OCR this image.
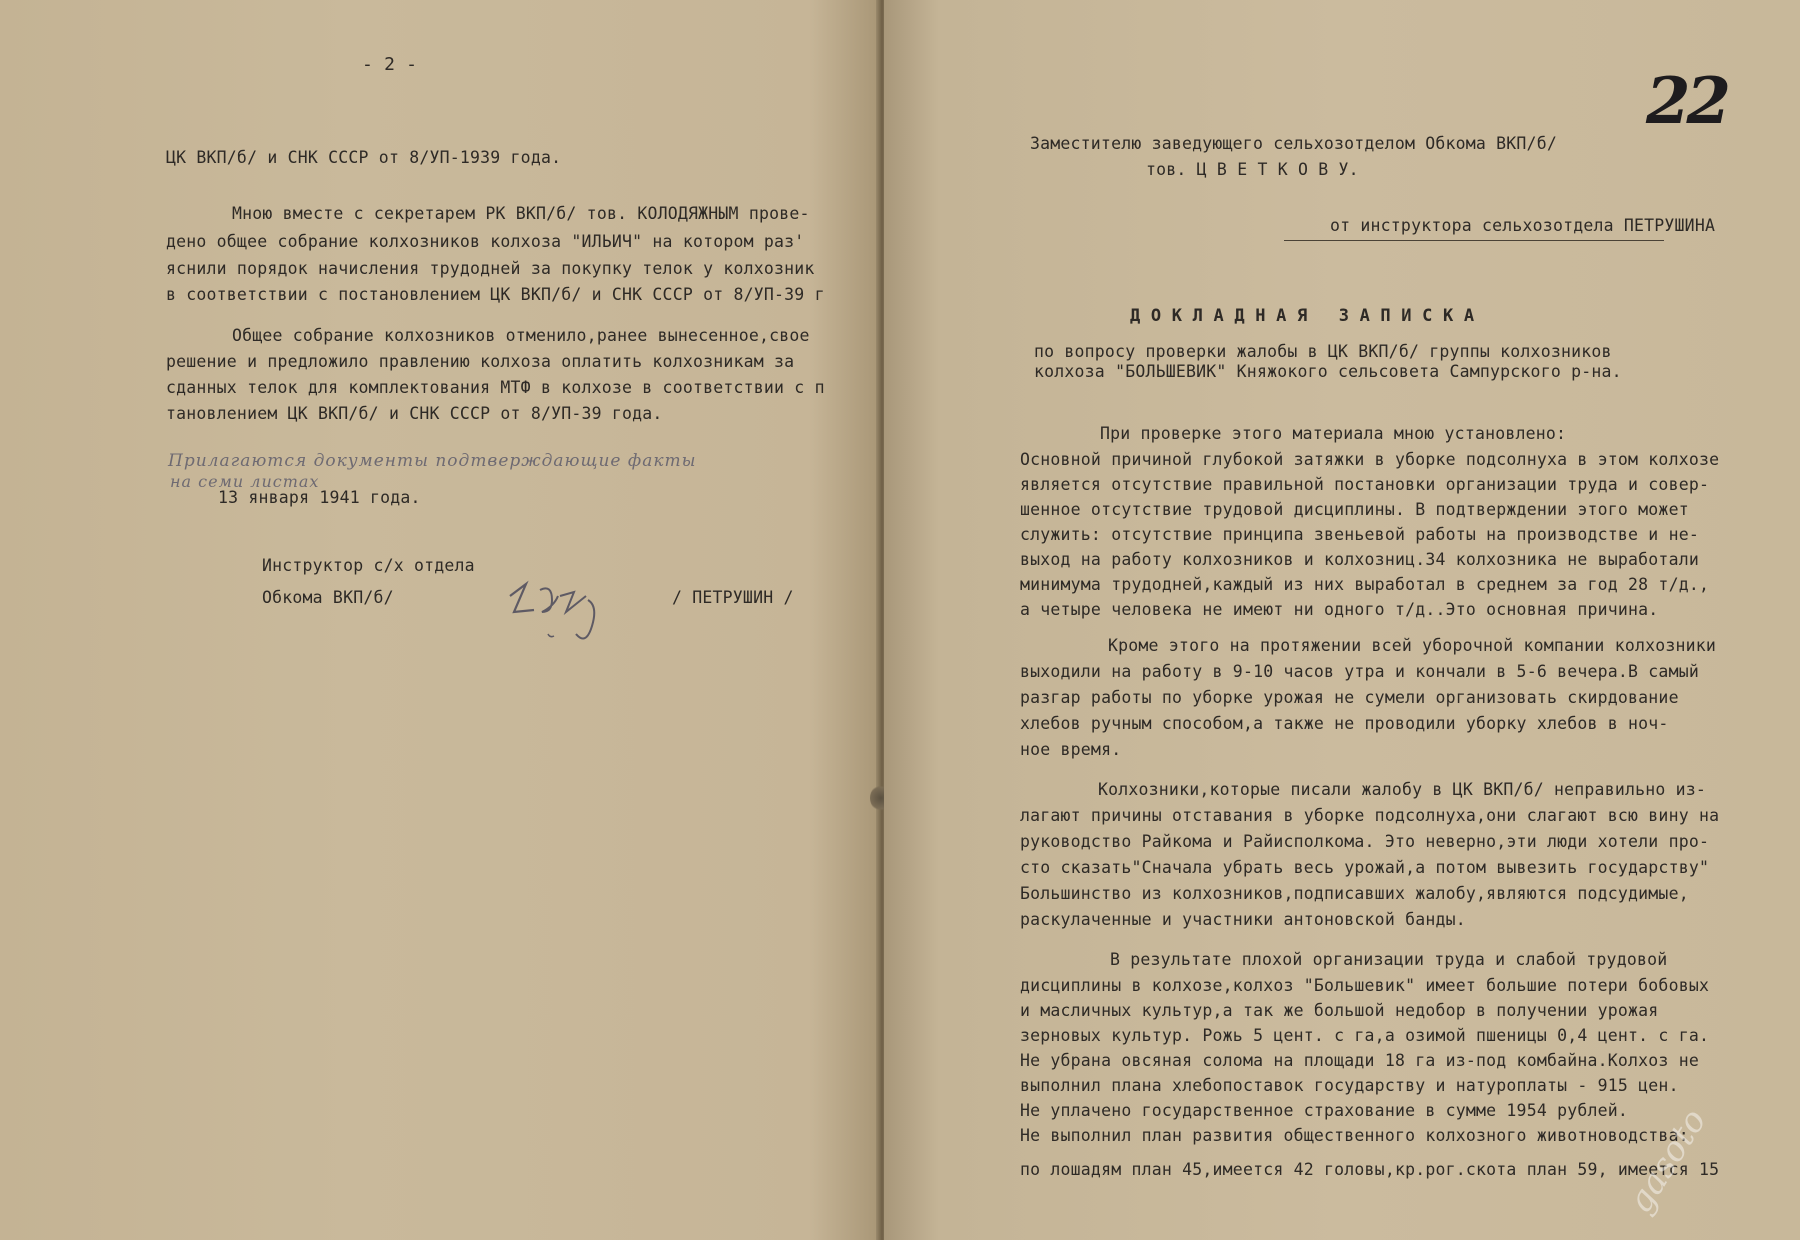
- 2 -

ЦК ВКП/б/ и СНК СССР от 8/УП-1939 года.

Мною вместе с секретарем РК ВКП/б/ тов. КОЛОДЯЖНЫМ прове-

дено общее собрание колхозников колхоза "ИЛЬИЧ" на котором раз'

яснили порядок начисления трудодней за покупку телок у колхозник

в соответствии с постановлением ЦК ВКП/б/ и СНК СССР от 8/УП-39 г

Общее собрание колхозников отменило,ранее вынесенное,свое

решение и предложило правлению колхоза оплатить колхозникам за

сданных телок для комплектования МТФ в колхозе в соответствии с п

тановлением ЦК ВКП/б/ и СНК СССР от 8/УП-39 года.

Прилагаются документы подтверждающие факты

на семи листах

13 января 1941 года.

Инструктор с/х отдела

Обкома ВКП/б/	/ ПЕТРУШИН /

22

Заместителю заведующего сельхозотделом Обкома ВКП/б/

тов. Ц В Е Т К О В У.

от инструктора сельхозотдела ПЕТРУШИНА

Д О К Л А Д Н А Я   З А П И С К А

по вопросу проверки жалобы в ЦК ВКП/б/ группы колхозников

колхоза "БОЛЬШЕВИК" Княжокого сельсовета Сампурского р-на.

При проверке этого материала мною установлено:

Основной причиной глубокой затяжки в уборке подсолнуха в этом колхозе

является отсутствие правильной постановки организации труда и совер-

шенное отсутствие трудовой дисциплины. В подтверждении этого может

служить: отсутствие принципа звеньевой работы на производстве и не-

выход на работу колхозников и колхозниц.34 колхозника не выработали

минимума трудодней,каждый из них выработал в среднем за год 28 т/д.,

а четыре человека не имеют ни одного т/д..Это основная причина.

Кроме этого на протяжении всей уборочной компании колхозники

выходили на работу в 9-10 часов утра и кончали в 5-6 вечера.В самый

разгар работы по уборке урожая не сумели организовать скирдование

хлебов ручным способом,а также не проводили уборку хлебов в ноч-

ное время.

Колхозники,которые писали жалобу в ЦК ВКП/б/ неправильно из-

лагают причины отставания в уборке подсолнуха,они слагают всю вину на

руководство Райкома и Райисполкома. Это неверно,эти люди хотели про-

сто сказать"Сначала убрать весь урожай,а потом вывезить государству"

Большинство из колхозников,подписавших жалобу,являются подсудимые,

раскулаченные и участники антоновской банды.

В результате плохой организации труда и слабой трудовой

дисциплины в колхозе,колхоз "Большевик" имеет большие потери бобовых

и масличных культур,а так же большой недобор в получении урожая

зерновых культур. Рожь 5 цент. с га,а озимой пшеницы 0,4 цент. с га.

Не убрана овсяная солома на площади 18 га из-под комбайна.Колхоз не

выполнил плана хлебопоставок государству и натуроплаты - 915 цен.

Не уплачено государственное страхование в сумме 1954 рублей.

Не выполнил план развития общественного колхозного животноводства:

по лошадям план 45,имеется 42 головы,кр.рог.скота план 59, имеется 15

gasoto
